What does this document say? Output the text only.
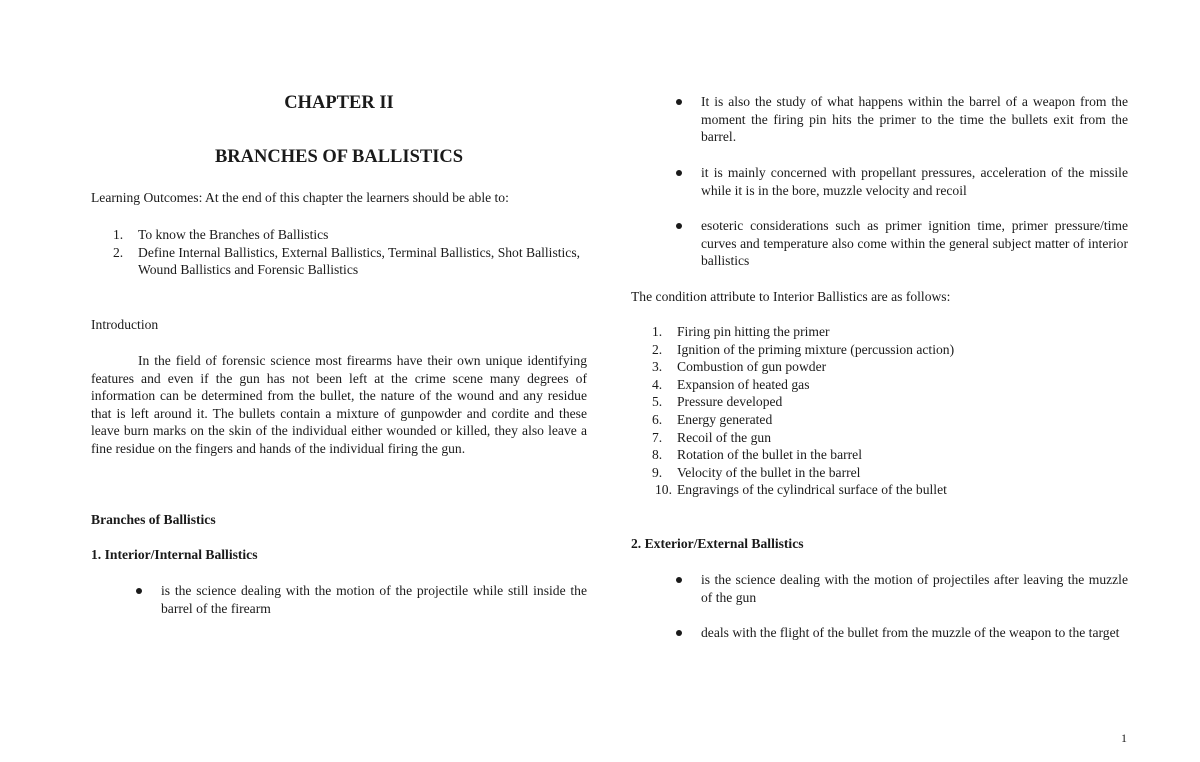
CHAPTER II
BRANCHES OF BALLISTICS
Learning Outcomes: At the end of this chapter the learners should be able to:
1. To know the Branches of Ballistics
2. Define Internal Ballistics, External Ballistics, Terminal Ballistics, Shot Ballistics, Wound Ballistics and Forensic Ballistics
Introduction
In the field of forensic science most firearms have their own unique identifying features and even if the gun has not been left at the crime scene many degrees of information can be determined from the bullet, the nature of the wound and any residue that is left around it. The bullets contain a mixture of gunpowder and cordite and these leave burn marks on the skin of the individual either wounded or killed, they also leave a fine residue on the fingers and hands of the individual firing the gun.
Branches of Ballistics
1. Interior/Internal Ballistics
is the science dealing with the motion of the projectile while still inside the barrel of the firearm
It is also the study of what happens within the barrel of a weapon from the moment the firing pin hits the primer to the time the bullets exit from the barrel.
it is mainly concerned with propellant pressures, acceleration of the missile while it is in the bore, muzzle velocity and recoil
esoteric considerations such as primer ignition time, primer pressure/time curves and temperature also come within the general subject matter of interior ballistics
The condition attribute to Interior Ballistics are as follows:
1. Firing pin hitting the primer
2. Ignition of the priming mixture (percussion action)
3. Combustion of gun powder
4. Expansion of heated gas
5. Pressure developed
6. Energy generated
7. Recoil of the gun
8. Rotation of the bullet in the barrel
9. Velocity of the bullet in the barrel
10. Engravings of the cylindrical surface of the bullet
2. Exterior/External Ballistics
is the science dealing with the motion of projectiles after leaving the muzzle of the gun
deals with the flight of the bullet from the muzzle of the weapon to the target
1
